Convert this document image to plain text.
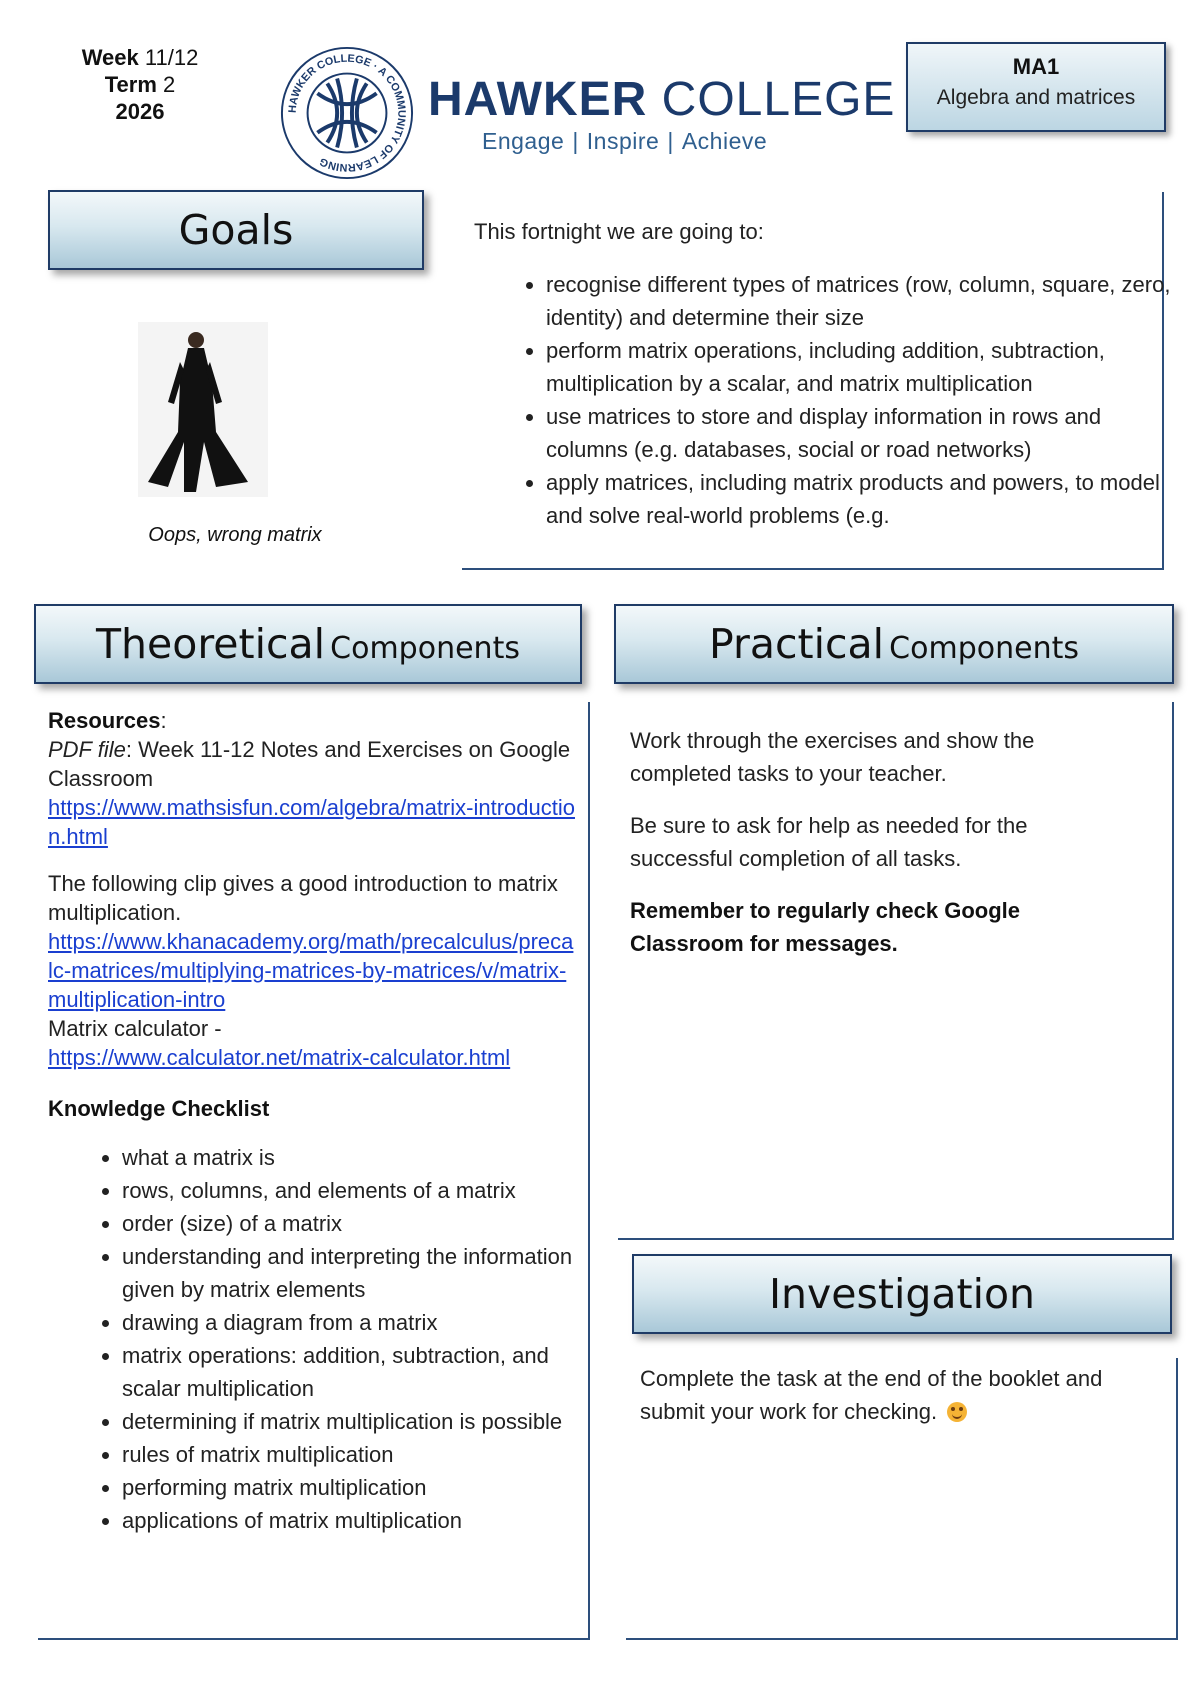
Week 11/12
Term 2
2026	HAWKER COLLEGE · A COMMUNITY OF LEARNING
HAWKER COLLEGE
Engage | Inspire | Achieve
MA1
Algebra and matrices
Goals
Oops, wrong matrix
This fortnight we are going to:
• recognise different types of matrices (row, column, square, zero, identity) and determine their size
• perform matrix operations, including addition, subtraction, multiplication by a scalar, and matrix multiplication
• use matrices to store and display information in rows and columns (e.g. databases, social or road networks)
• apply matrices, including matrix products and powers, to model and solve real-world problems (e.g.
Theoretical Components

Resources:

PDF file: Week 11-12 Notes and Exercises on Google Classroom

https://www.mathsisfun.com/algebra/matrix-introduction.html

The following clip gives a good introduction to matrix multiplication.

https://www.khanacademy.org/math/precalculus/precalc-matrices/multiplying-matrices-by-matrices/v/matrix-multiplication-intro

Matrix calculator -

https://www.calculator.net/matrix-calculator.html

Knowledge Checklist

• what a matrix is
• rows, columns, and elements of a matrix
• order (size) of a matrix
• understanding and interpreting the information given by matrix elements
• drawing a diagram from a matrix
• matrix operations: addition, subtraction, and scalar multiplication
• determining if matrix multiplication is possible
• rules of matrix multiplication
• performing matrix multiplication
• applications of matrix multiplication
Practical Components

Work through the exercises and show the completed tasks to your teacher.

Be sure to ask for help as needed for the successful completion of all tasks.

Remember to regularly check Google Classroom for messages.

Investigation
Complete the task at the end of the booklet and submit your work for checking.
